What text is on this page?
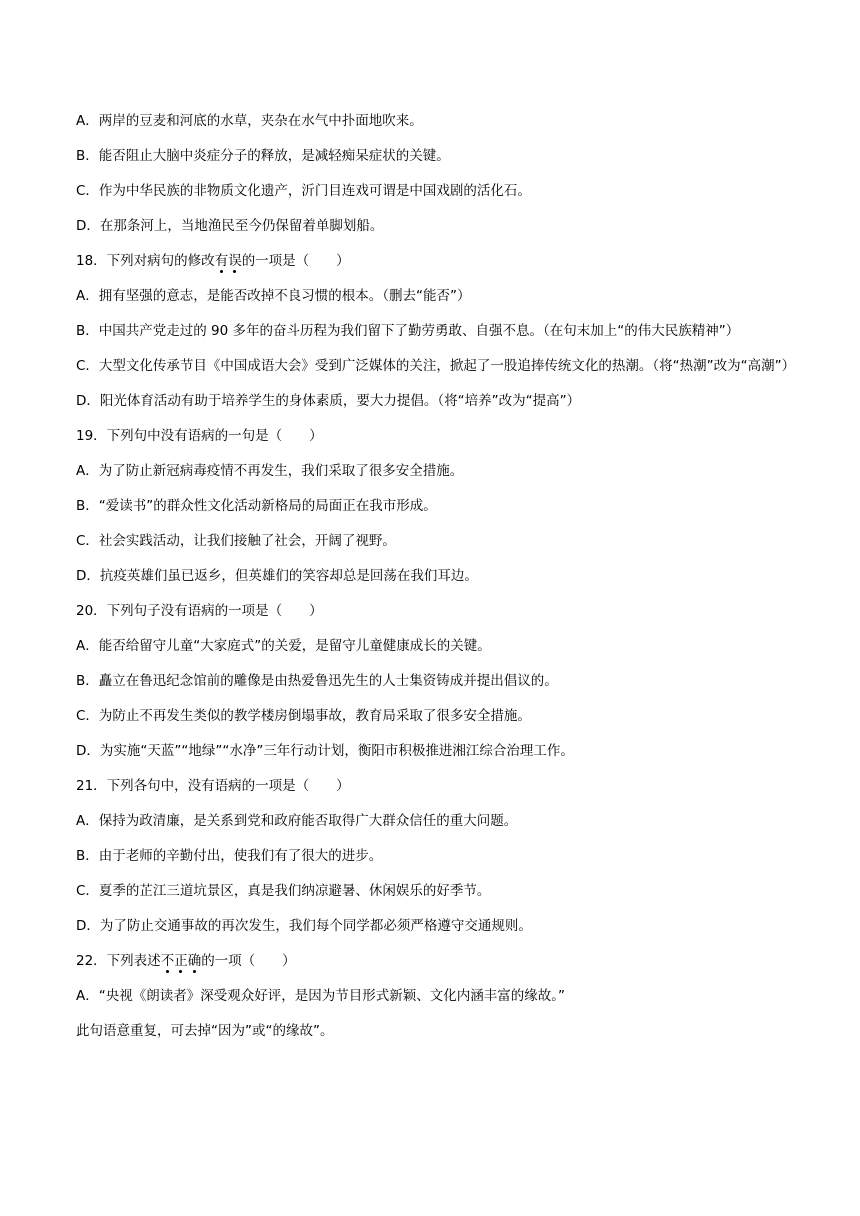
A．两岸的豆麦和河底的水草，夹杂在水气中扑面地吹来。
B．能否阻止大脑中炎症分子的释放，是减轻痴呆症状的关键。
C．作为中华民族的非物质文化遗产，沂门目连戏可谓是中国戏剧的活化石。
D．在那条河上，当地渔民至今仍保留着单脚划船。
18．下列对病句的修改有误的一项是（　　）
A．拥有坚强的意志，是能否改掉不良习惯的根本。（删去“能否”）
B．中国共产党走过的 90 多年的奋斗历程为我们留下了勤劳勇敢、自强不息。（在句末加上“的伟大民族精神”）
C．大型文化传承节目《中国成语大会》受到广泛媒体的关注，掀起了一股追捧传统文化的热潮。（将“热潮”改为“高潮”）
D．阳光体育活动有助于培养学生的身体素质，要大力提倡。（将“培养”改为“提高”）
19．下列句中没有语病的一句是（　　）
A．为了防止新冠病毒疫情不再发生，我们采取了很多安全措施。
B．“爱读书”的群众性文化活动新格局的局面正在我市形成。
C．社会实践活动，让我们接触了社会，开阔了视野。
D．抗疫英雄们虽已返乡，但英雄们的笑容却总是回荡在我们耳边。
20．下列句子没有语病的一项是（　　）
A．能否给留守儿童“大家庭式”的关爱，是留守儿童健康成长的关键。
B．矗立在鲁迅纪念馆前的雕像是由热爱鲁迅先生的人士集资铸成并提出倡议的。
C．为防止不再发生类似的教学楼房倒塌事故，教育局采取了很多安全措施。
D．为实施“天蓝”“地绿”“水净”三年行动计划，衡阳市积极推进湘江综合治理工作。
21．下列各句中，没有语病的一项是（　　）
A．保持为政清廉，是关系到党和政府能否取得广大群众信任的重大问题。
B．由于老师的辛勤付出，使我们有了很大的进步。
C．夏季的芷江三道坑景区，真是我们纳凉避暑、休闲娱乐的好季节。
D．为了防止交通事故的再次发生，我们每个同学都必须严格遵守交通规则。
22．下列表述不正确的一项（　　）
A．“央视《朗读者》深受观众好评，是因为节目形式新颖、文化内涵丰富的缘故。”
此句语意重复，可去掉“因为”或“的缘故”。
